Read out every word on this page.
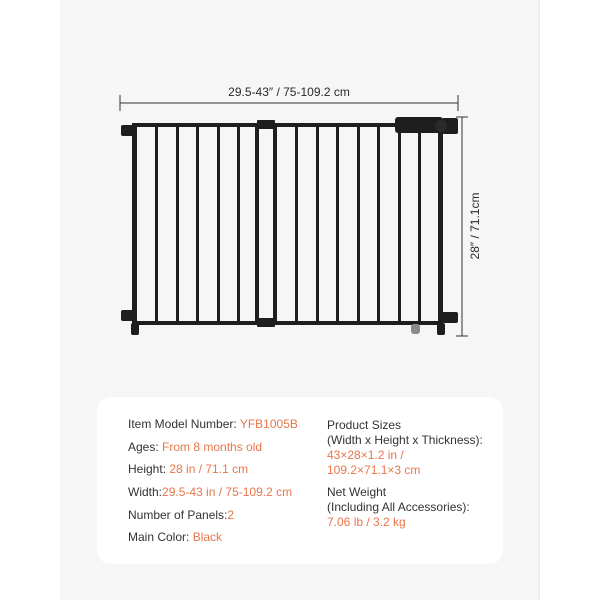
29.5-43″ / 75-109.2 cm
28″ / 71.1cm
Item Model Number: YFB1005B
Ages: From 8 months old
Height: 28 in / 71.1 cm
Width:29.5-43 in / 75-109.2 cm
Number of Panels:2
Main Color: Black
Product Sizes
(Width x Height x Thickness):
43×28×1.2 in /
109.2×71.1×3 cm
Net Weight
(Including All Accessories):
7.06 lb / 3.2 kg
